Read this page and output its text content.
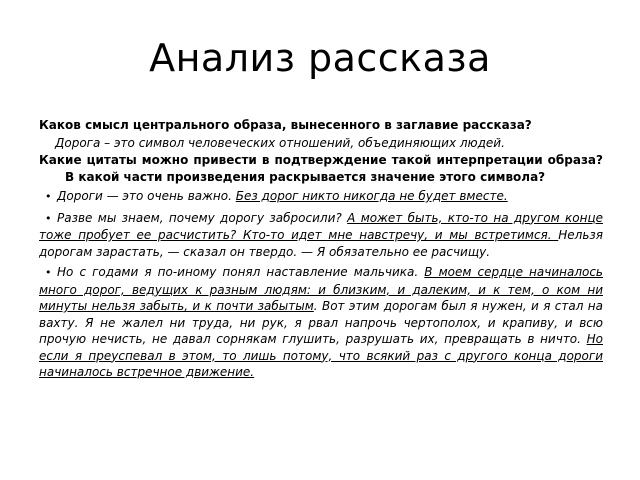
Анализ рассказа

Каков смысл центрального образа, вынесенного в заглавие рассказа?

Дорога – это символ человеческих отношений, объединяющих людей.

Какие цитаты можно привести в подтверждение такой интерпретации образа?В какой части произведения раскрывается значение этого символа?

• Дороги — это очень важно. Без дорог никто никогда не будет вместе.
• Разве мы знаем, почему дорогу забросили? А может быть, кто-то на другом конце тоже пробует ее расчистить? Кто-то идет мне навстречу, и мы встретимся. Нельзя дорогам зарастать, — сказал он твердо. — Я обязательно ее расчищу.
• Но с годами я по-иному понял наставление мальчика. В моем сердце начиналось много дорог, ведущих к разным людям: и близким, и далеким, и к тем, о ком ни минуты нельзя забыть, и к почти забытым. Вот этим дорогам был я нужен, и я стал на вахту. Я не жалел ни труда, ни рук, я рвал напрочь чертополох, и крапиву, и всю прочую нечисть, не давал сорнякам глушить, разрушать их, превращать в ничто. Но если я преуспевал в этом, то лишь потому, что всякий раз с другого конца дороги начиналось встречное движение.
